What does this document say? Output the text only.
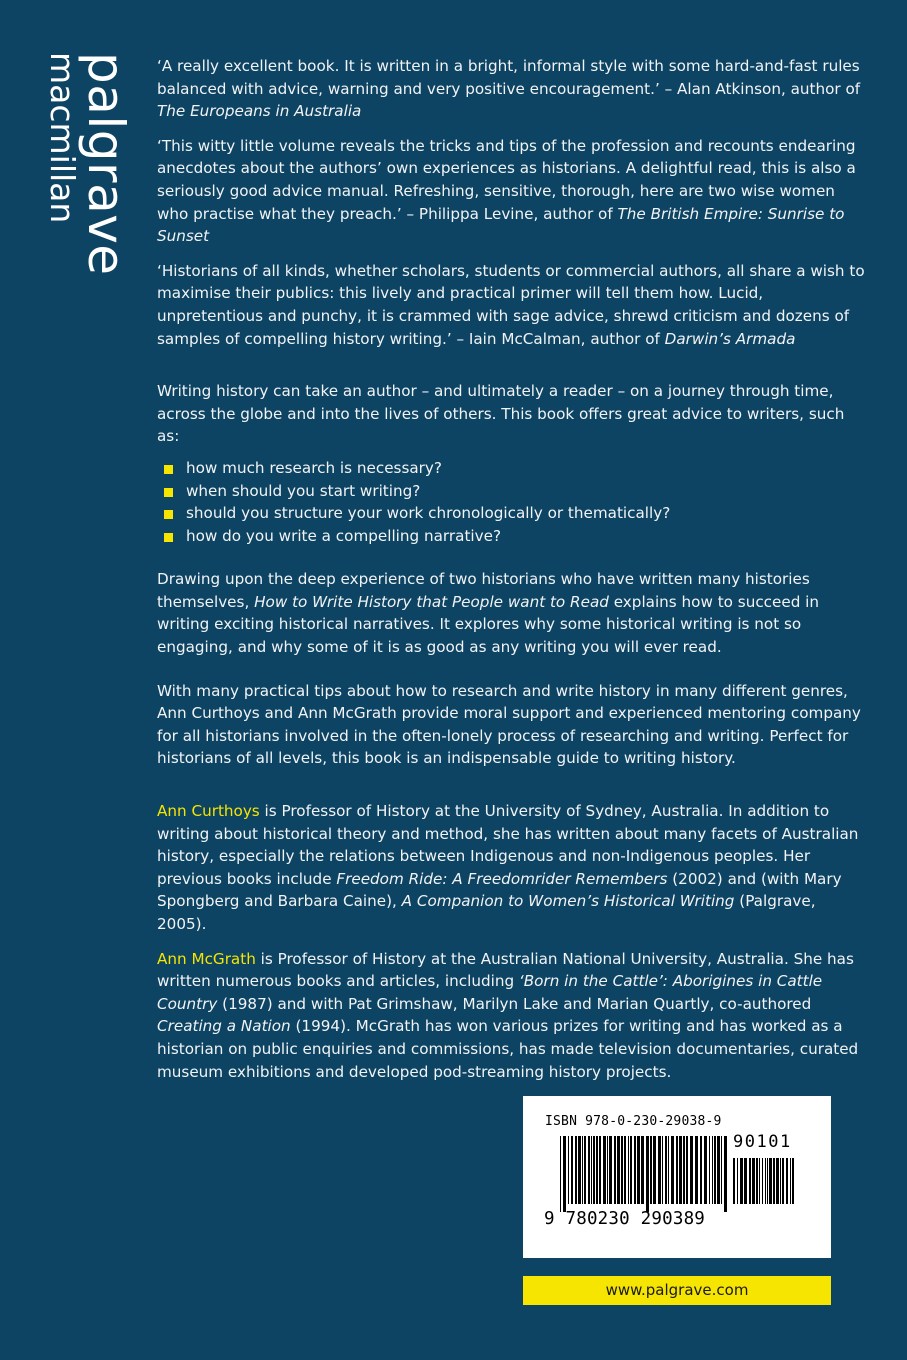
palgrave
macmillan	‘A really excellent book. It is written in a bright, informal style with some hard-and-fast rules balanced with advice, warning and very positive encouragement.’ – Alan Atkinson, author of The Europeans in Australia

‘This witty little volume reveals the tricks and tips of the profession and recounts endearing anecdotes about the authors’ own experiences as historians. A delightful read, this is also a seriously good advice manual. Refreshing, sensitive, thorough, here are two wise women who practise what they preach.’ – Philippa Levine, author of The British Empire: Sunrise to Sunset

‘Historians of all kinds, whether scholars, students or commercial authors, all share a wish to maximise their publics: this lively and practical primer will tell them how. Lucid, unpretentious and punchy, it is crammed with sage advice, shrewd criticism and dozens of samples of compelling history writing.’ – Iain McCalman, author of Darwin’s Armada

Writing history can take an author – and ultimately a reader – on a journey through time, across the globe and into the lives of others. This book offers great advice to writers, such as:

how much research is necessary?
when should you start writing?
should you structure your work chronologically or thematically?
how do you write a compelling narrative?

Drawing upon the deep experience of two historians who have written many histories themselves, How to Write History that People want to Read explains how to succeed in writing exciting historical narratives. It explores why some historical writing is not so engaging, and why some of it is as good as any writing you will ever read.

With many practical tips about how to research and write history in many different genres, Ann Curthoys and Ann McGrath provide moral support and experienced mentoring company for all historians involved in the often-lonely process of researching and writing. Perfect for historians of all levels, this book is an indispensable guide to writing history.

Ann Curthoys is Professor of History at the University of Sydney, Australia. In addition to writing about historical theory and method, she has written about many facets of Australian history, especially the relations between Indigenous and non-Indigenous peoples. Her previous books include Freedom Ride: A Freedomrider Remembers (2002) and (with Mary Spongberg and Barbara Caine), A Companion to Women’s Historical Writing (Palgrave, 2005).

Ann McGrath is Professor of History at the Australian National University, Australia. She has written numerous books and articles, including ‘Born in the Cattle’: Aborigines in Cattle Country (1987) and with Pat Grimshaw, Marilyn Lake and Marian Quartly, co-authored Creating a Nation (1994). McGrath has won various prizes for writing and has worked as a historian on public enquiries and commissions, has made television documentaries, curated museum exhibitions and developed pod-streaming history projects.

ISBN 978-0-230-29038-9
90101
9 780230 290389
www.palgrave.com
